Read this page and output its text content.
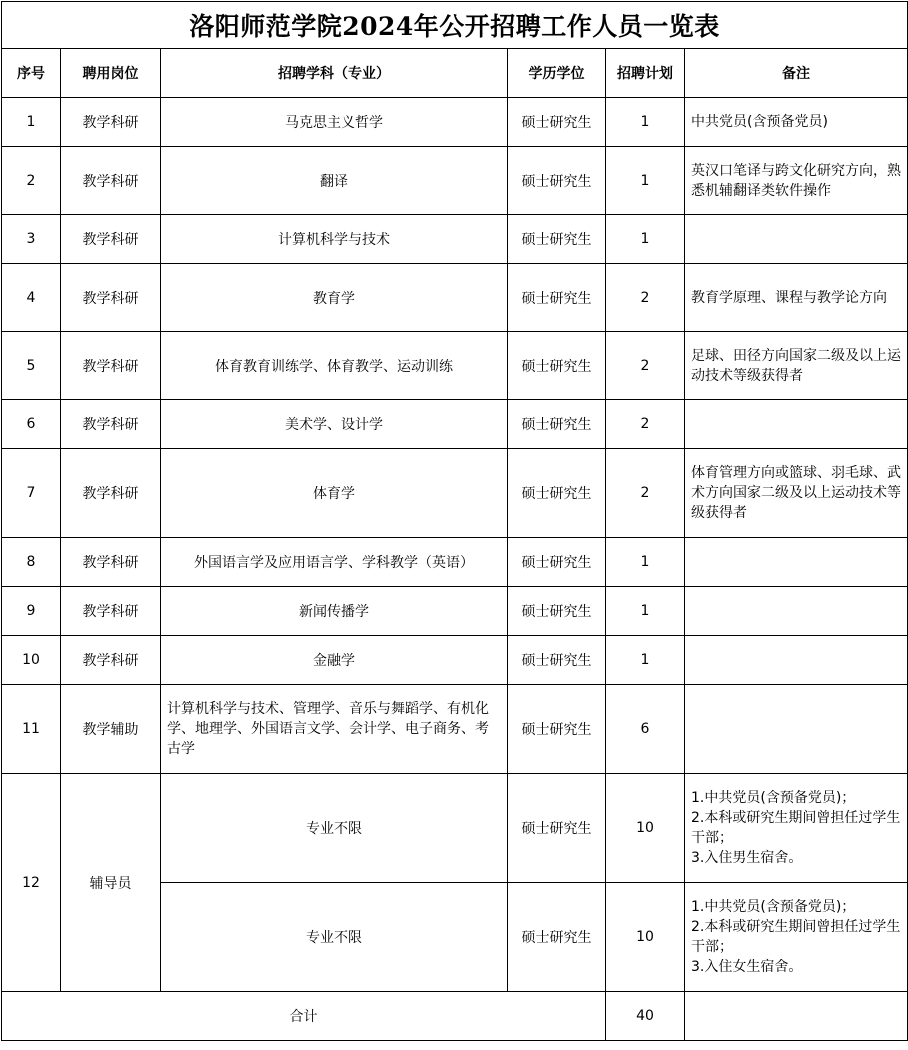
洛阳师范学院2024年公开招聘工作人员一览表					
序号	聘用岗位	招聘学科（专业）	学历学位	招聘计划	备注
1	教学科研	马克思主义哲学	硕士研究生	1	中共党员(含预备党员)
2	教学科研	翻译	硕士研究生	1	英汉口笔译与跨文化研究方向，熟悉机辅翻译类软件操作
3	教学科研	计算机科学与技术	硕士研究生	1	
4	教学科研	教育学	硕士研究生	2	教育学原理、课程与教学论方向
5	教学科研	体育教育训练学、体育教学、运动训练	硕士研究生	2	足球、田径方向国家二级及以上运动技术等级获得者
6	教学科研	美术学、设计学	硕士研究生	2	
7	教学科研	体育学	硕士研究生	2	体育管理方向或篮球、羽毛球、武术方向国家二级及以上运动技术等级获得者
8	教学科研	外国语言学及应用语言学、学科教学（英语）	硕士研究生	1	
9	教学科研	新闻传播学	硕士研究生	1	
10	教学科研	金融学	硕士研究生	1	
11	教学辅助	计算机科学与技术、管理学、音乐与舞蹈学、有机化学、地理学、外国语言文学、会计学、电子商务、考古学	硕士研究生	6	
12	辅导员	专业不限	硕士研究生	10	1.中共党员(含预备党员)；
2.本科或研究生期间曾担任过学生干部；
3.入住男生宿舍。
		专业不限	硕士研究生	10	1.中共党员(含预备党员)；
2.本科或研究生期间曾担任过学生干部；
3.入住女生宿舍。
合计				40	
